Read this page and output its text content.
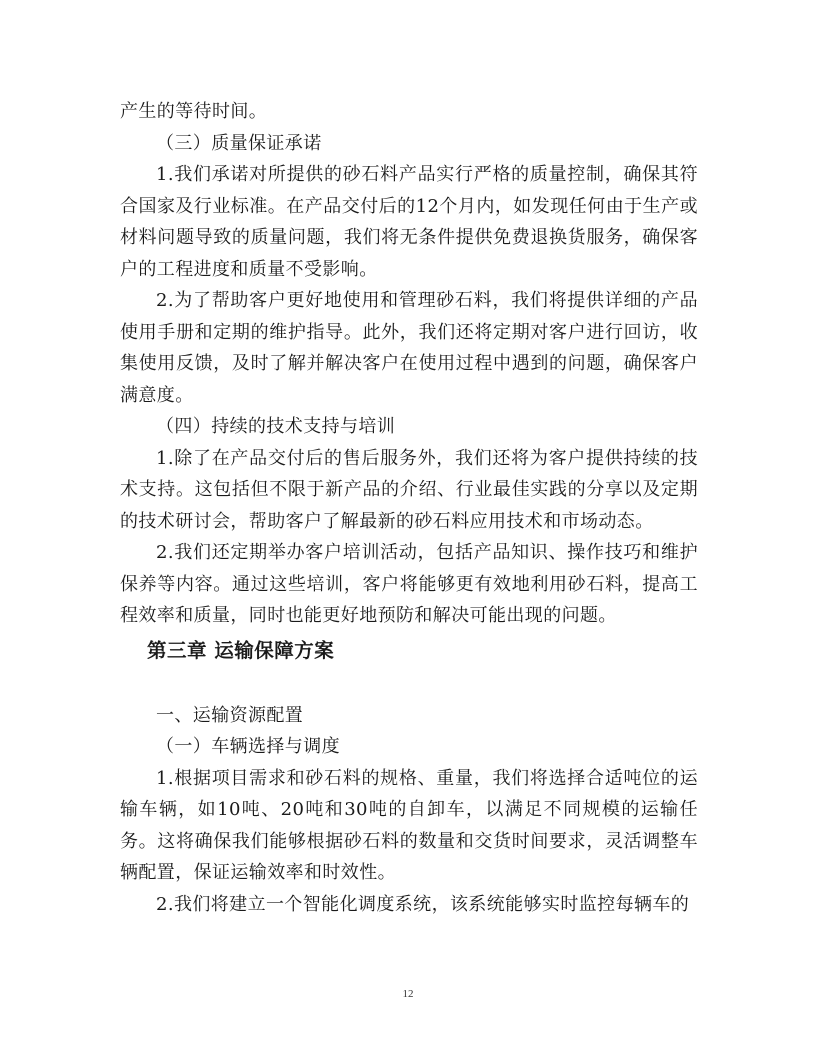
产生的等待时间。

（三）质量保证承诺

1.我们承诺对所提供的砂石料产品实行严格的质量控制，确保其符合国家及行业标准。在产品交付后的12个月内，如发现任何由于生产或材料问题导致的质量问题，我们将无条件提供免费退换货服务，确保客户的工程进度和质量不受影响。

2.为了帮助客户更好地使用和管理砂石料，我们将提供详细的产品使用手册和定期的维护指导。此外，我们还将定期对客户进行回访，收集使用反馈，及时了解并解决客户在使用过程中遇到的问题，确保客户满意度。

（四）持续的技术支持与培训

1.除了在产品交付后的售后服务外，我们还将为客户提供持续的技术支持。这包括但不限于新产品的介绍、行业最佳实践的分享以及定期的技术研讨会，帮助客户了解最新的砂石料应用技术和市场动态。

2.我们还定期举办客户培训活动，包括产品知识、操作技巧和维护保养等内容。通过这些培训，客户将能够更有效地利用砂石料，提高工程效率和质量，同时也能更好地预防和解决可能出现的问题。

第三章 运输保障方案

一、运输资源配置

（一）车辆选择与调度

1.根据项目需求和砂石料的规格、重量，我们将选择合适吨位的运输车辆，如10吨、20吨和30吨的自卸车，以满足不同规模的运输任务。这将确保我们能够根据砂石料的数量和交货时间要求，灵活调整车辆配置，保证运输效率和时效性。

2.我们将建立一个智能化调度系统，该系统能够实时监控每辆车的

12
